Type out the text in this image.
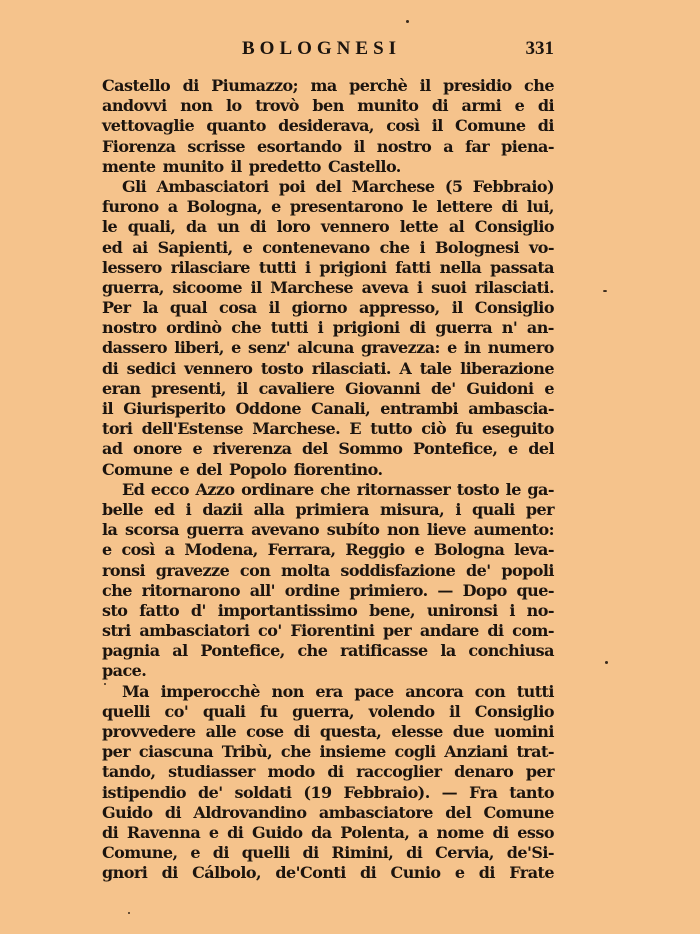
BOLOGNESI	331
Castello di Piumazzo; ma perchè il presidio che
andovvi non lo trovò ben munito di armi e di
vettovaglie quanto desiderava, così il Comune di
Fiorenza scrisse esortando il nostro a far piena-
mente munito il predetto Castello.
Gli Ambasciatori poi del Marchese (5 Febbraio)
furono a Bologna, e presentarono le lettere di lui,
le quali, da un di loro vennero lette al Consiglio
ed ai Sapienti, e contenevano che i Bolognesi vo-
lessero rilasciare tutti i prigioni fatti nella passata
guerra, sicoome il Marchese aveva i suoi rilasciati.
Per la qual cosa il giorno appresso, il Consiglio
nostro ordinò che tutti i prigioni di guerra n' an-
dassero liberi, e senz' alcuna gravezza: e in numero
di sedici vennero tosto rilasciati. A tale liberazione
eran presenti, il cavaliere Giovanni de' Guidoni e
il Giurisperito Oddone Canali, entrambi ambascia-
tori dell'Estense Marchese. E tutto ciò fu eseguito
ad onore e riverenza del Sommo Pontefice, e del
Comune e del Popolo fiorentino.
Ed ecco Azzo ordinare che ritornasser tosto le ga-
belle ed i dazii alla primiera misura, i quali per
la scorsa guerra avevano subíto non lieve aumento:
e così a Modena, Ferrara, Reggio e Bologna leva-
ronsi gravezze con molta soddisfazione de' popoli
che ritornarono all' ordine primiero. — Dopo que-
sto fatto d' importantissimo bene, unironsi i no-
stri ambasciatori co' Fiorentini per andare di com-
pagnia al Pontefice, che ratificasse la conchiusa
pace.
Ma imperocchè non era pace ancora con tutti
quelli co' quali fu guerra, volendo il Consiglio
provvedere alle cose di questa, elesse due uomini
per ciascuna Tribù, che insieme cogli Anziani trat-
tando, studiasser modo di raccoglier denaro per
istipendio de' soldati (19 Febbraio). — Fra tanto
Guido di Aldrovandino ambasciatore del Comune
di Ravenna e di Guido da Polenta, a nome di esso
Comune, e di quelli di Rimini, di Cervia, de'Si-
gnori di Cálbolo, de'Conti di Cunio e di Frate
